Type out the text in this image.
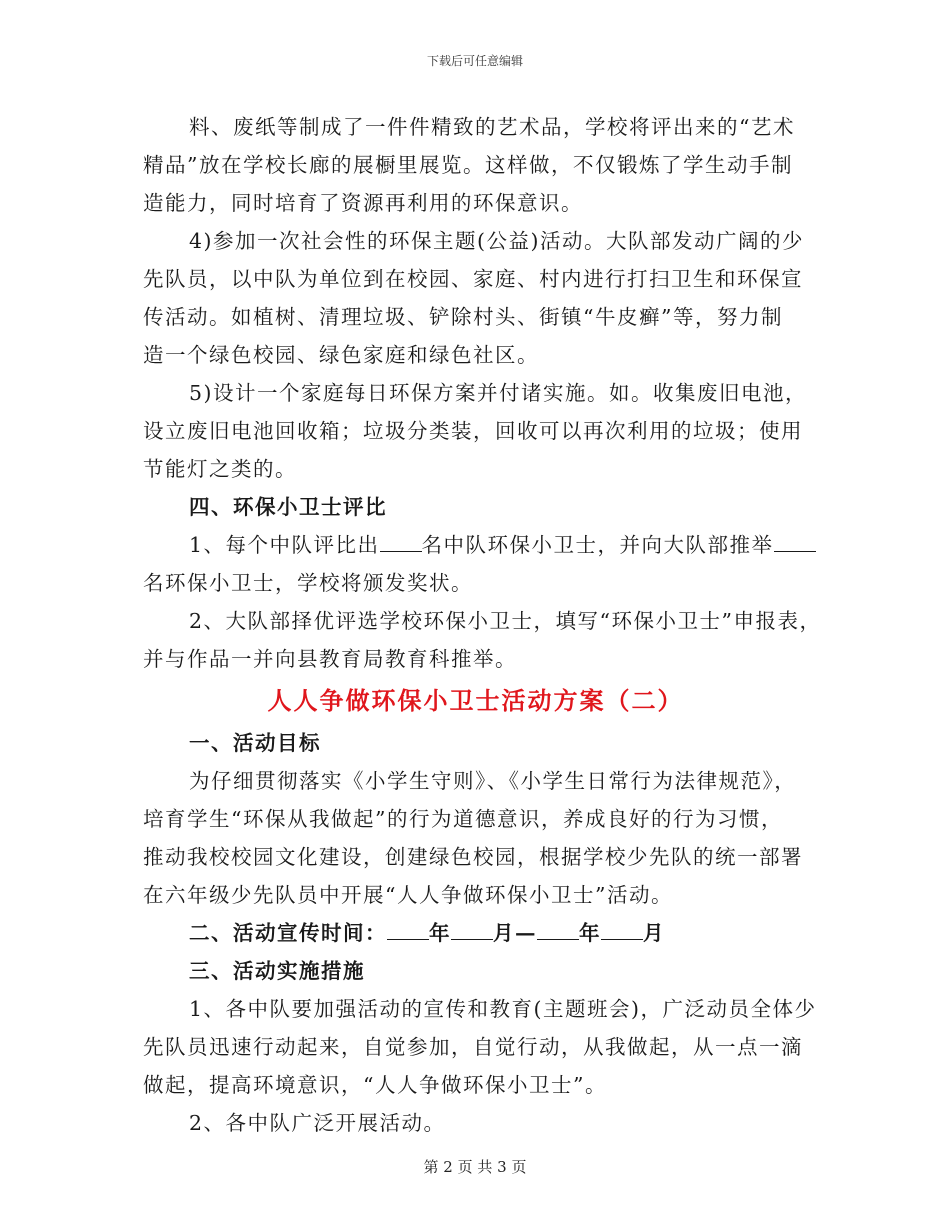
下载后可任意编辑
料、废纸等制成了一件件精致的艺术品，学校将评出来的“艺术
精品”放在学校长廊的展橱里展览。这样做，不仅锻炼了学生动手制
造能力，同时培育了资源再利用的环保意识。
4)参加一次社会性的环保主题(公益)活动。大队部发动广阔的少
先队员，以中队为单位到在校园、家庭、村内进行打扫卫生和环保宣
传活动。如植树、清理垃圾、铲除村头、街镇“牛皮癣”等，努力制
造一个绿色校园、绿色家庭和绿色社区。
5)设计一个家庭每日环保方案并付诸实施。如。收集废旧电池，
设立废旧电池回收箱；垃圾分类装，回收可以再次利用的垃圾；使用
节能灯之类的。
四、环保小卫士评比
1、每个中队评比出 名中队环保小卫士，并向大队部推举
名环保小卫士，学校将颁发奖状。
2、大队部择优评选学校环保小卫士，填写“环保小卫士”申报表，
并与作品一并向县教育局教育科推举。
人人争做环保小卫士活动方案（二）
一、活动目标
为仔细贯彻落实《小学生守则》、《小学生日常行为法律规范》，
培育学生“环保从我做起”的行为道德意识，养成良好的行为习惯，
推动我校校园文化建设，创建绿色校园，根据学校少先队的统一部署
在六年级少先队员中开展“人人争做环保小卫士”活动。
二、活动宣传时间： 年 月— 年 月
三、活动实施措施
1、各中队要加强活动的宣传和教育(主题班会)，广泛动员全体少
先队员迅速行动起来，自觉参加，自觉行动，从我做起，从一点一滴
做起，提高环境意识，“人人争做环保小卫士”。
2、各中队广泛开展活动。
第 2 页 共 3 页
